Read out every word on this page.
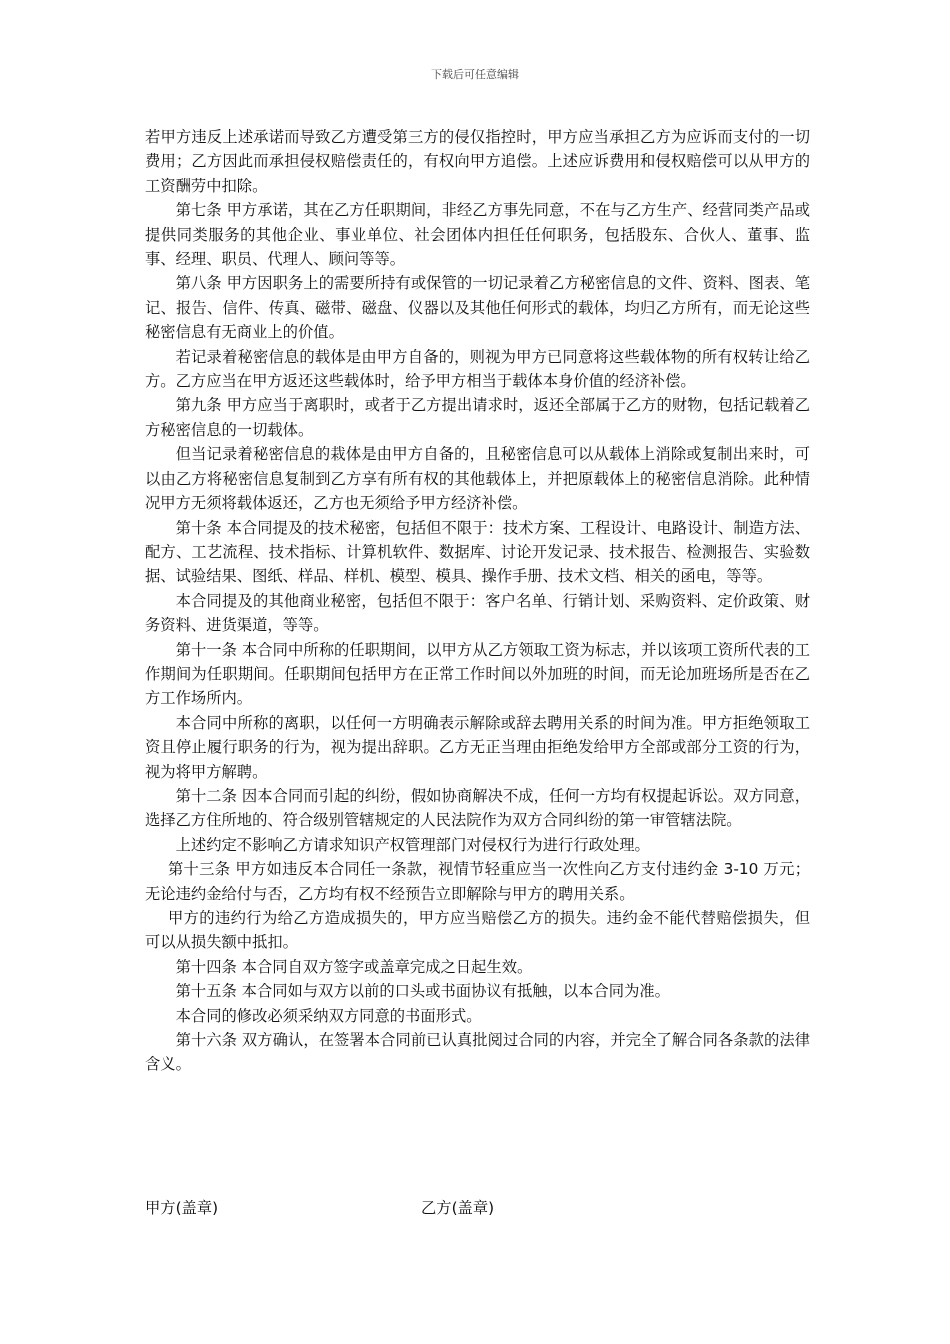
下载后可任意编辑

若甲方违反上述承诺而导致乙方遭受第三方的侵仅指控时，甲方应当承担乙方为应诉而支付的一切费用；乙方因此而承担侵权赔偿责任的，有权向甲方追偿。上述应诉费用和侵权赔偿可以从甲方的工资酬劳中扣除。

第七条 甲方承诺，其在乙方任职期间，非经乙方事先同意，不在与乙方生产、经营同类产品或提供同类服务的其他企业、事业单位、社会团体内担任任何职务，包括股东、合伙人、董事、监事、经理、职员、代理人、顾问等等。

第八条 甲方因职务上的需要所持有或保管的一切记录着乙方秘密信息的文件、资料、图表、笔记、报告、信件、传真、磁带、磁盘、仪器以及其他任何形式的载体，均归乙方所有，而无论这些秘密信息有无商业上的价值。

若记录着秘密信息的载体是由甲方自备的，则视为甲方已同意将这些载体物的所有权转让给乙方。乙方应当在甲方返还这些载体时，给予甲方相当于载体本身价值的经济补偿。

第九条 甲方应当于离职时，或者于乙方提出请求时，返还全部属于乙方的财物，包括记载着乙方秘密信息的一切载体。

但当记录着秘密信息的栽体是由甲方自备的，且秘密信息可以从载体上消除或复制出来时，可以由乙方将秘密信息复制到乙方享有所有权的其他载体上，并把原载体上的秘密信息消除。此种情况甲方无须将载体返还，乙方也无须给予甲方经济补偿。

第十条 本合同提及的技术秘密，包括但不限于：技术方案、工程设计、电路设计、制造方法、配方、工艺流程、技术指标、计算机软件、数据库、讨论开发记录、技术报告、检测报告、实验数据、试验结果、图纸、样品、样机、模型、模具、操作手册、技术文档、相关的函电，等等。

本合同提及的其他商业秘密，包括但不限于：客户名单、行销计划、采购资料、定价政策、财务资料、进货渠道，等等。

第十一条 本合同中所称的任职期间，以甲方从乙方领取工资为标志，并以该项工资所代表的工作期间为任职期间。任职期间包括甲方在正常工作时间以外加班的时间，而无论加班场所是否在乙方工作场所内。

本合同中所称的离职，以任何一方明确表示解除或辞去聘用关系的时间为准。甲方拒绝领取工资且停止履行职务的行为，视为提出辞职。乙方无正当理由拒绝发给甲方全部或部分工资的行为，视为将甲方解聘。

第十二条 因本合同而引起的纠纷，假如协商解决不成，任何一方均有权提起诉讼。双方同意，选择乙方住所地的、符合级别管辖规定的人民法院作为双方合同纠纷的第一审管辖法院。

上述约定不影响乙方请求知识产权管理部门对侵权行为进行行政处理。

第十三条 甲方如违反本合同任一条款，视情节轻重应当一次性向乙方支付违约金 3-10 万元；无论违约金给付与否，乙方均有权不经预告立即解除与甲方的聘用关系。

甲方的违约行为给乙方造成损失的，甲方应当赔偿乙方的损失。违约金不能代替赔偿损失，但可以从损失额中抵扣。

第十四条 本合同自双方签字或盖章完成之日起生效。

第十五条 本合同如与双方以前的口头或书面协议有抵触，以本合同为准。

本合同的修改必须采纳双方同意的书面形式。

第十六条 双方确认，在签署本合同前已认真批阅过合同的内容，并完全了解合同各条款的法律含义。

甲方(盖章)	乙方(盖章)
